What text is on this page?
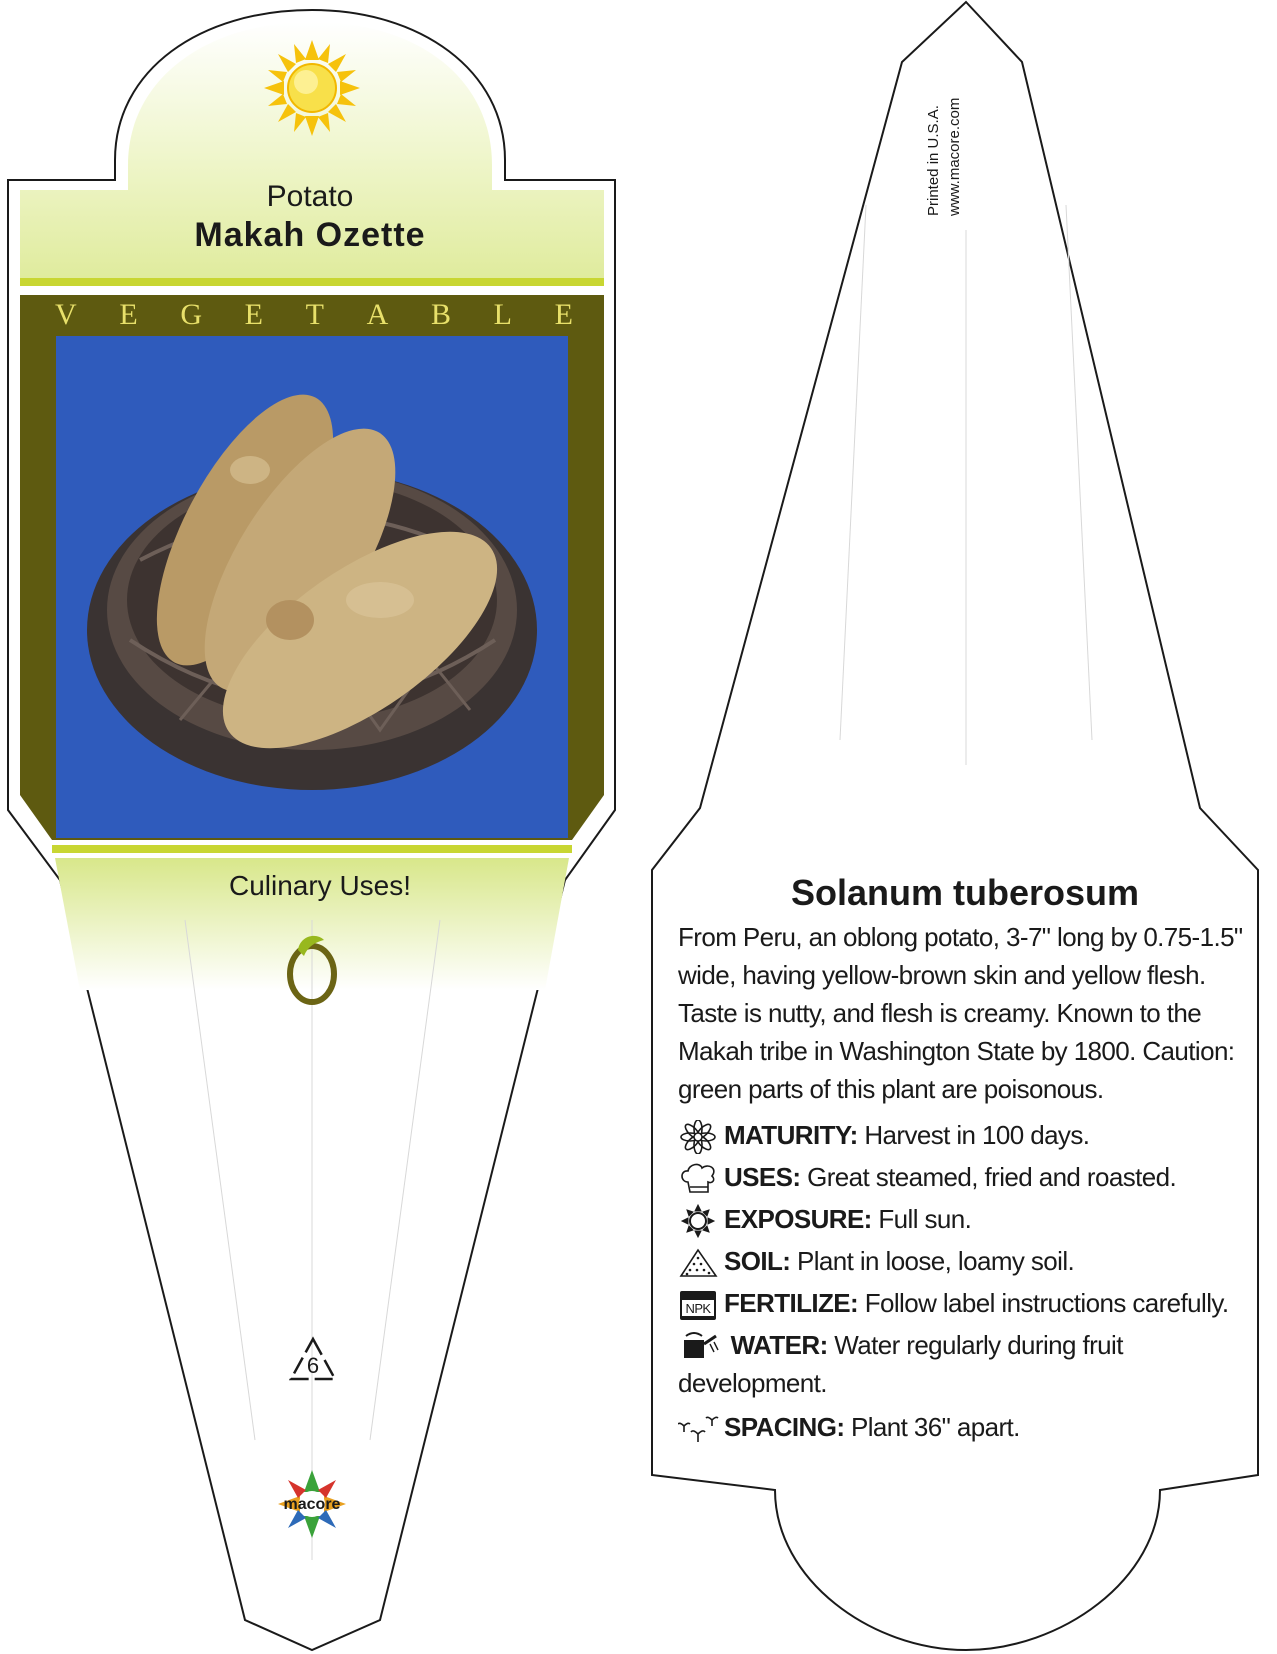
Potato
Makah Ozette
V E G E T A B L E
Culinary Uses!
6
macore
Printed in U.S.A. www.macore.com
Solanum tuberosum
From Peru, an oblong potato, 3-7" long by 0.75-1.5" wide, having yellow-brown skin and yellow flesh. Taste is nutty, and flesh is creamy. Known to the Makah tribe in Washington State by 1800. Caution: green parts of this plant are poisonous.
MATURITY: Harvest in 100 days.
USES: Great steamed, fried and roasted.
EXPOSURE: Full sun.
SOIL: Plant in loose, loamy soil.
NPK FERTILIZE: Follow label instructions carefully.
WATER: Water regularly during fruit development.
SPACING: Plant 36" apart.
